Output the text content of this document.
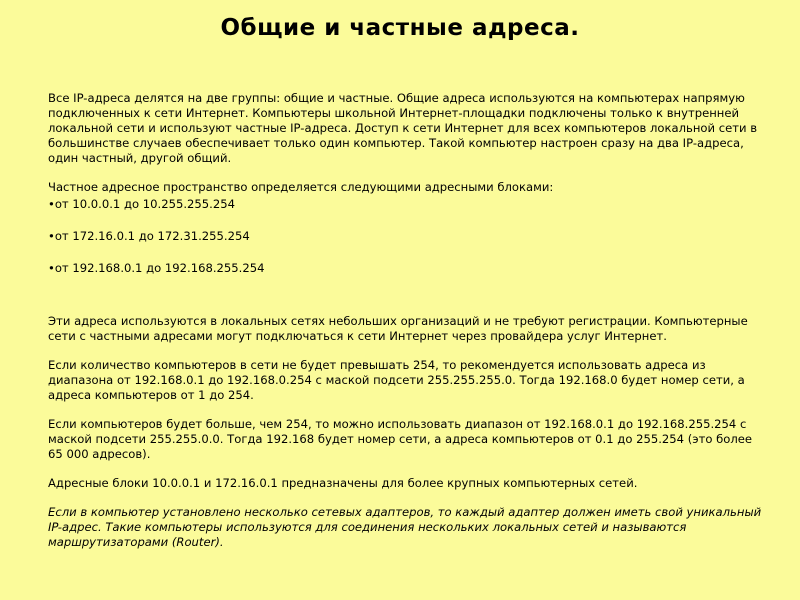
Общие и частные адреса.

Все IP-адреса делятся на две группы: общие и частные. Общие адреса используются на компьютерах напрямую подключенных к сети Интернет. Компьютеры школьной Интернет-площадки подключены только к внутренней локальной сети и используют частные IP-адреса. Доступ к сети Интернет для всех компьютеров локальной сети в большинстве случаев обеспечивает только один компьютер. Такой компьютер настроен сразу на два IP-адреса, один частный, другой общий.

Частное адресное пространство определяется следующими адресными блоками:

•от 10.0.0.1 до 10.255.255.254

•от 172.16.0.1 до 172.31.255.254

•от 192.168.0.1 до 192.168.255.254

Эти адреса используются в локальных сетях небольших организаций и не требуют регистрации. Компьютерные сети с частными адресами могут подключаться к сети Интернет через провайдера услуг Интернет.

Если количество компьютеров в сети не будет превышать 254, то рекомендуется использовать адреса из диапазона от 192.168.0.1 до 192.168.0.254 с маской подсети 255.255.255.0. Тогда 192.168.0 будет номер сети, а адреса компьютеров от 1 до 254.

Если компьютеров будет больше, чем 254, то можно использовать диапазон от 192.168.0.1 до 192.168.255.254 с маской подсети 255.255.0.0. Тогда 192.168 будет номер сети, а адреса компьютеров от 0.1 до 255.254 (это более 65 000 адресов).

Адресные блоки 10.0.0.1 и 172.16.0.1 предназначены для более крупных компьютерных сетей.

Если в компьютер установлено несколько сетевых адаптеров, то каждый адаптер должен иметь свой уникальный IP-адрес. Такие компьютеры используются для соединения нескольких локальных сетей и называются маршрутизаторами (Router).
